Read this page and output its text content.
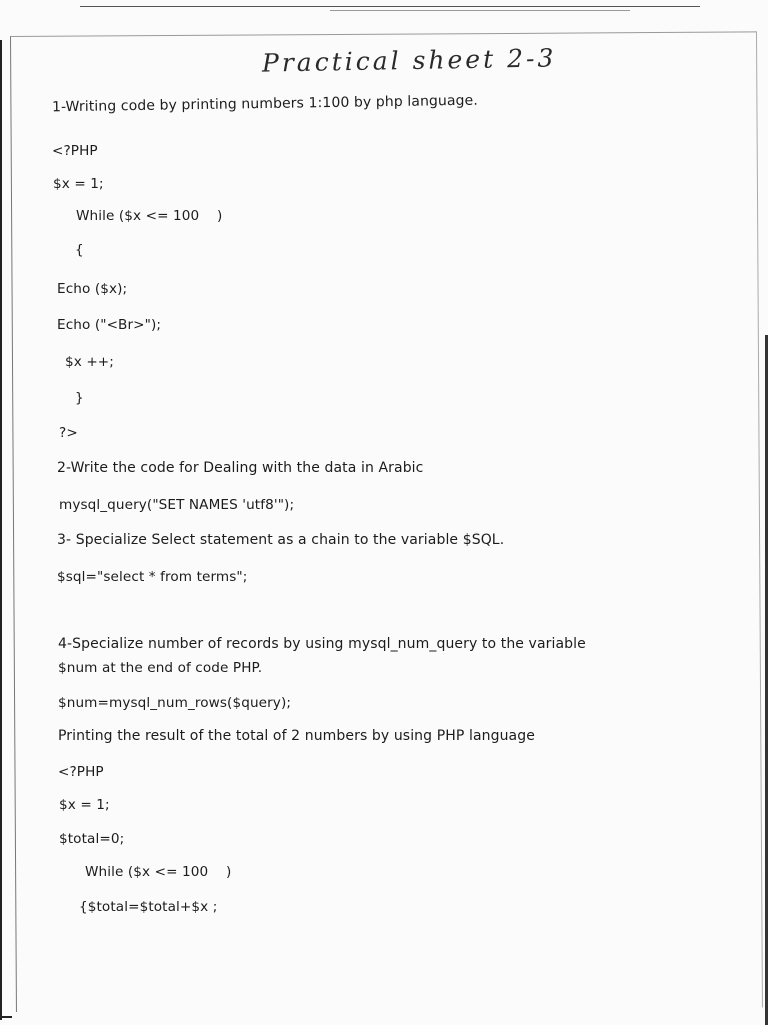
Practical sheet 2-3
1-Writing code by printing numbers 1:100 by php language.
<?PHP
$x = 1;
While ($x <= 100    )
{
Echo ($x);
Echo ("<Br>");
$x ++;
}
?>
2-Write the code for Dealing with the data in Arabic
mysql_query("SET NAMES 'utf8'");
3- Specialize Select statement as a chain to the variable $SQL.
$sql="select * from terms";
4-Specialize number of records by using mysql_num_query to the variable
$num at the end of code PHP.
$num=mysql_num_rows($query);
Printing the result of the total of 2 numbers by using PHP language
<?PHP
$x = 1;
$total=0;
While ($x <= 100    )
{$total=$total+$x ;
